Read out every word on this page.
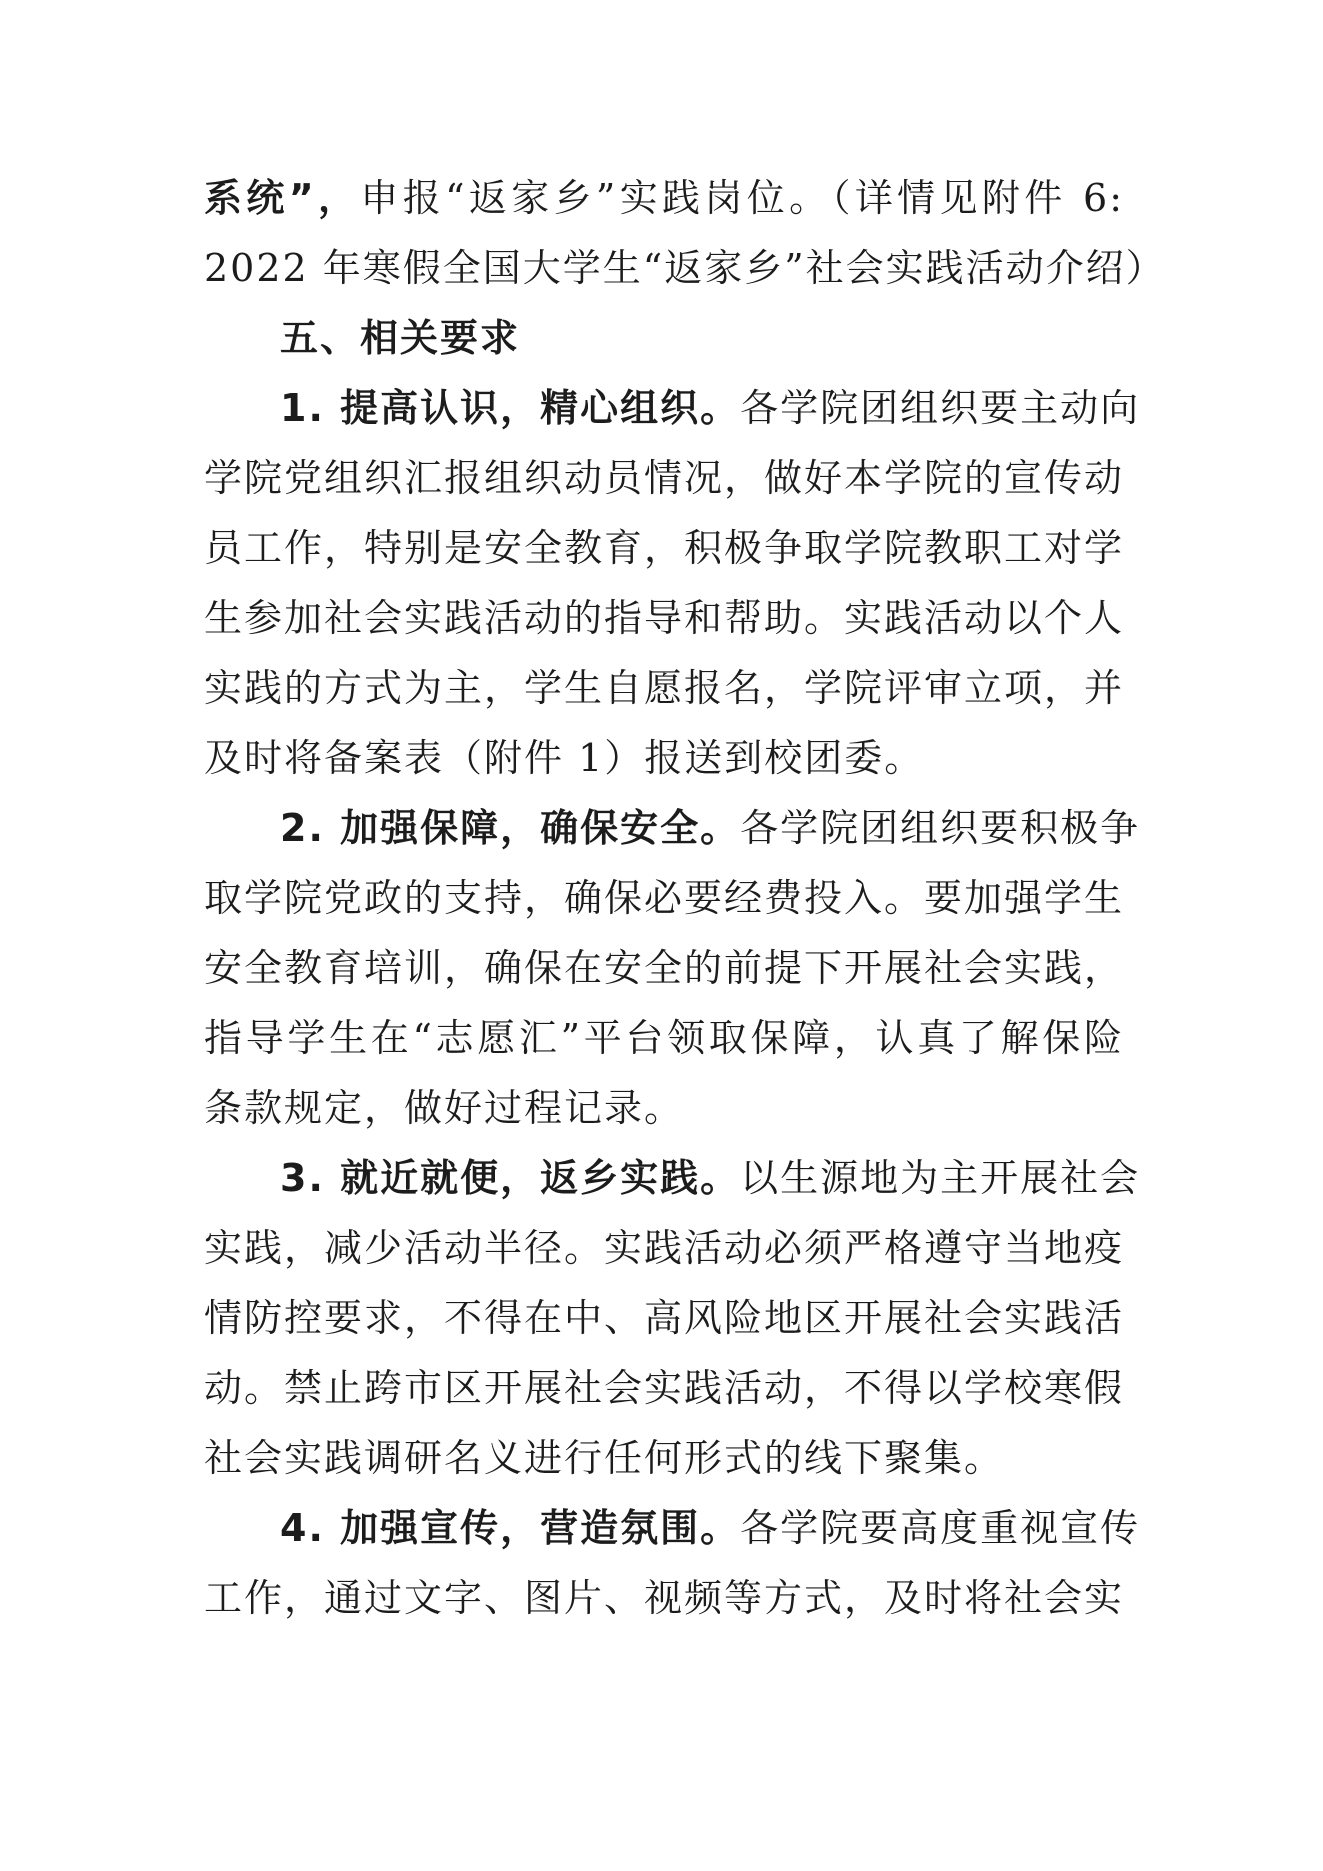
系统”，申报“返家乡”实践岗位。（详情见附件 6:
2022 年寒假全国大学生“返家乡”社会实践活动介绍）
五、相关要求
1. 提高认识，精心组织。各学院团组织要主动向
学院党组织汇报组织动员情况，做好本学院的宣传动
员工作，特别是安全教育，积极争取学院教职工对学
生参加社会实践活动的指导和帮助。实践活动以个人
实践的方式为主，学生自愿报名，学院评审立项，并
及时将备案表（附件 1）报送到校团委。
2. 加强保障，确保安全。各学院团组织要积极争
取学院党政的支持，确保必要经费投入。要加强学生
安全教育培训，确保在安全的前提下开展社会实践，
指导学生在“志愿汇”平台领取保障，认真了解保险
条款规定，做好过程记录。
3. 就近就便，返乡实践。以生源地为主开展社会
实践，减少活动半径。实践活动必须严格遵守当地疫
情防控要求，不得在中、高风险地区开展社会实践活
动。禁止跨市区开展社会实践活动，不得以学校寒假
社会实践调研名义进行任何形式的线下聚集。
4. 加强宣传，营造氛围。各学院要高度重视宣传
工作，通过文字、图片、视频等方式，及时将社会实
